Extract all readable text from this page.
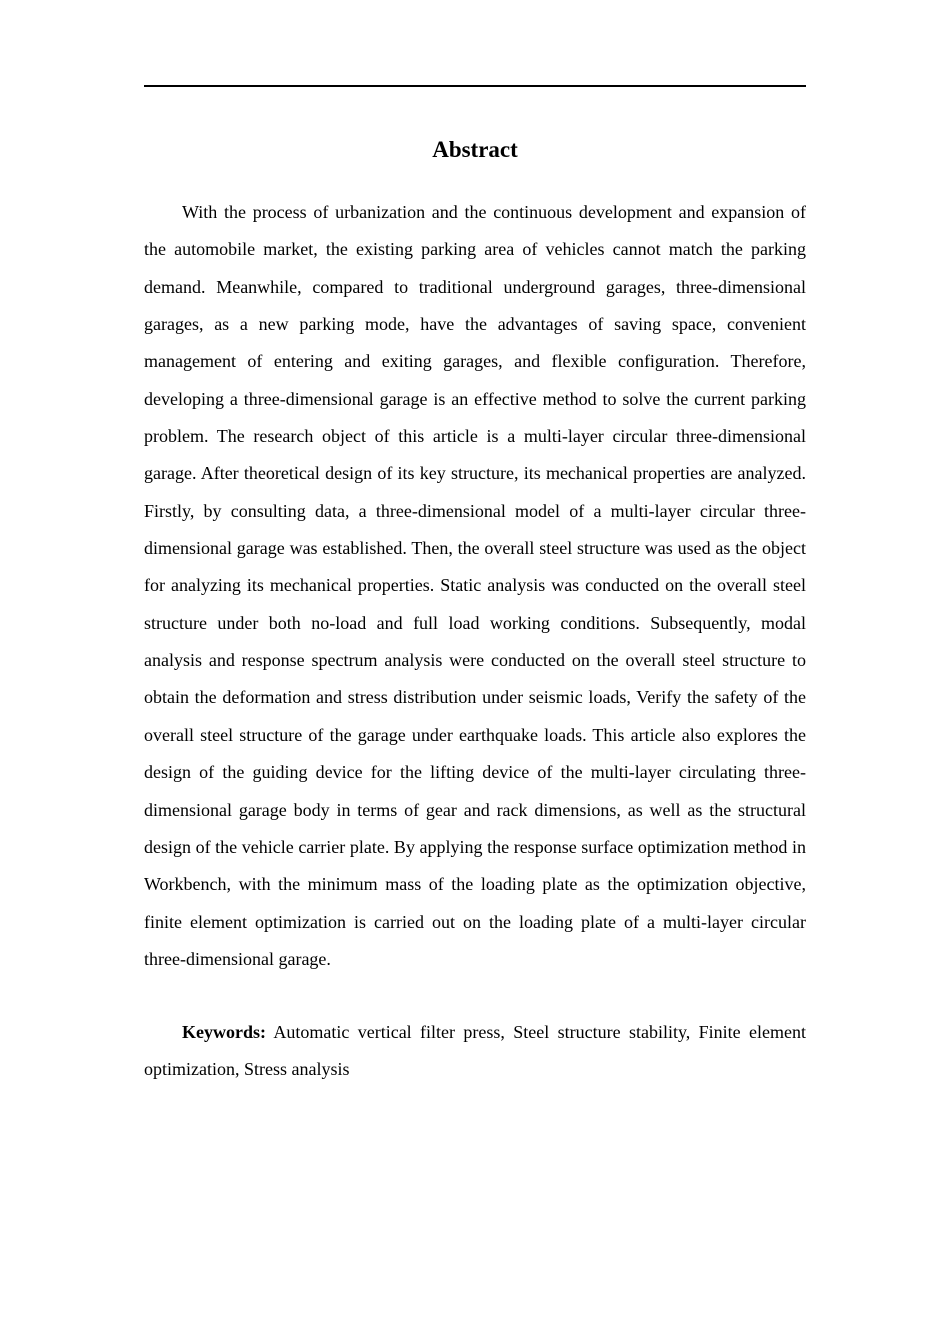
Abstract

With the process of urbanization and the continuous development and expansion of the automobile market, the existing parking area of vehicles cannot match the parking demand. Meanwhile, compared to traditional underground garages, three-dimensional garages, as a new parking mode, have the advantages of saving space, convenient management of entering and exiting garages, and flexible configuration. Therefore, developing a three-dimensional garage is an effective method to solve the current parking problem. The research object of this article is a multi-layer circular three-dimensional garage. After theoretical design of its key structure, its mechanical properties are analyzed. Firstly, by consulting data, a three-dimensional model of a multi-layer circular three-dimensional garage was established. Then, the overall steel structure was used as the object for analyzing its mechanical properties. Static analysis was conducted on the overall steel structure under both no-load and full load working conditions. Subsequently, modal analysis and response spectrum analysis were conducted on the overall steel structure to obtain the deformation and stress distribution under seismic loads, Verify the safety of the overall steel structure of the garage under earthquake loads. This article also explores the design of the guiding device for the lifting device of the multi-layer circulating three-dimensional garage body in terms of gear and rack dimensions, as well as the structural design of the vehicle carrier plate. By applying the response surface optimization method in Workbench, with the minimum mass of the loading plate as the optimization objective, finite element optimization is carried out on the loading plate of a multi-layer circular three-dimensional garage.

Keywords: Automatic vertical filter press, Steel structure stability, Finite element optimization, Stress analysis
